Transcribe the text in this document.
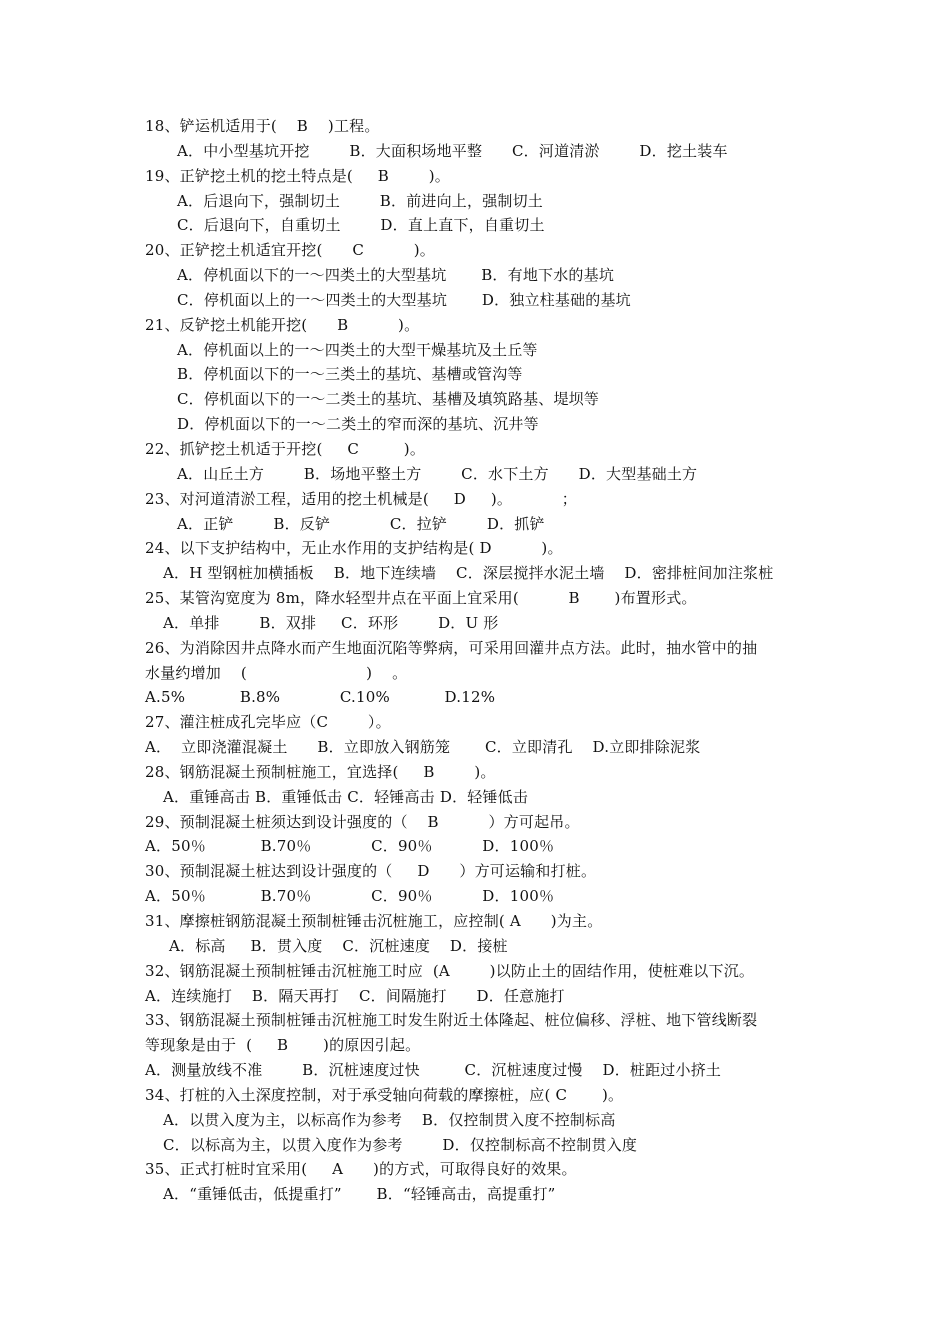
18、铲运机适用于(    B    )工程。
A．中小型基坑开挖        B．大面积场地平整      C．河道清淤        D．挖土装车
19、正铲挖土机的挖土特点是(     B        )。
A．后退向下，强制切土        B．前进向上，强制切土
C．后退向下，自重切土        D．直上直下，自重切土
20、正铲挖土机适宜开挖(      C          )。
A．停机面以下的一～四类土的大型基坑       B．有地下水的基坑
C．停机面以上的一～四类土的大型基坑       D．独立柱基础的基坑
21、反铲挖土机能开挖(      B          )。
A．停机面以上的一～四类土的大型干燥基坑及土丘等
B．停机面以下的一～三类土的基坑、基槽或管沟等
C．停机面以下的一～二类土的基坑、基槽及填筑路基、堤坝等
D．停机面以下的一～二类土的窄而深的基坑、沉井等
22、抓铲挖土机适于开挖(     C         )。
A．山丘土方        B．场地平整土方        C．水下土方      D．大型基础土方
23、对河道清淤工程，适用的挖土机械是(     D     )。          ；
A．正铲        B．反铲            C．拉铲        D．抓铲
24、以下支护结构中，无止水作用的支护结构是( D          )。
A．H 型钢桩加横插板    B．地下连续墙    C．深层搅拌水泥土墙    D．密排桩间加注浆桩
25、某管沟宽度为 8m，降水轻型井点在平面上宜采用(          B       )布置形式。
A．单排        B．双排     C．环形        D．U 形
26、为消除因井点降水而产生地面沉陷等弊病，可采用回灌井点方法。此时，抽水管中的抽
水量约增加    (                        )    。
A.5%           B.8%            C.10%           D.12%
27、灌注桩成孔完毕应（C        ）。
A．  立即浇灌混凝土      B．立即放入钢筋笼       C．立即清孔    D.立即排除泥浆
28、钢筋混凝土预制桩施工，宜选择(     B        )。
A．重锤高击 B．重锤低击 C．轻锤高击 D．轻锤低击
29、预制混凝土桩须达到设计强度的（    B          ）方可起吊。
A．50％           B.70％            C．90％          D．100％
30、预制混凝土桩达到设计强度的（     D      ）方可运输和打桩。
A．50％           B.70％            C．90％          D．100％
31、摩擦桩钢筋混凝土预制桩锤击沉桩施工，应控制( A      )为主。
A．标高     B．贯入度    C．沉桩速度    D．接桩
32、钢筋混凝土预制桩锤击沉桩施工时应  (A        )以防止土的固结作用，使桩难以下沉。
A．连续施打    B．隔天再打    C．间隔施打      D．任意施打
33、钢筋混凝土预制桩锤击沉桩施工时发生附近土体隆起、桩位偏移、浮桩、地下管线断裂
等现象是由于  (     B       )的原因引起。
A．测量放线不准        B．沉桩速度过快         C．沉桩速度过慢    D．桩距过小挤土
34、打桩的入土深度控制，对于承受轴向荷载的摩擦桩，应( C       )。
A．以贯入度为主，以标高作为参考    B．仅控制贯入度不控制标高
C．以标高为主，以贯入度作为参考        D．仅控制标高不控制贯入度
35、正式打桩时宜采用(     A      )的方式，可取得良好的效果。
A．“重锤低击，低提重打”       B．“轻锤高击，高提重打”
